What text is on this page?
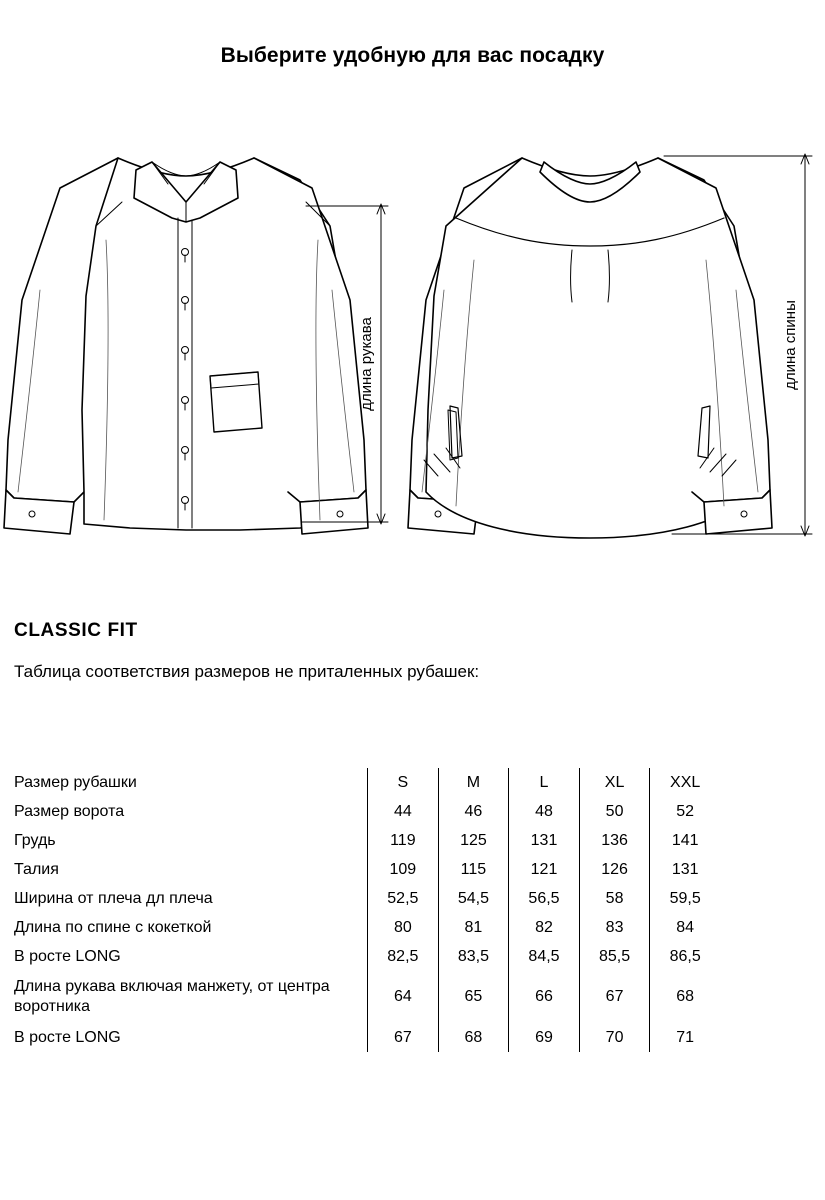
Выберите удобную для вас посадку
длина рукава	длина спины
CLASSIC FIT
Таблица соответствия размеров не приталенных рубашек:
Размер рубашки	S	M	L	XL	XXL
Размер ворота	44	46	48	50	52
Грудь	119	125	131	136	141
Талия	109	115	121	126	131
Ширина от плеча дл плеча	52,5	54,5	56,5	58	59,5
Длина по спине с кокеткой	80	81	82	83	84
В росте LONG	82,5	83,5	84,5	85,5	86,5
Длина рукава включая манжету, от центра воротника	64	65	66	67	68
В росте LONG	67	68	69	70	71
